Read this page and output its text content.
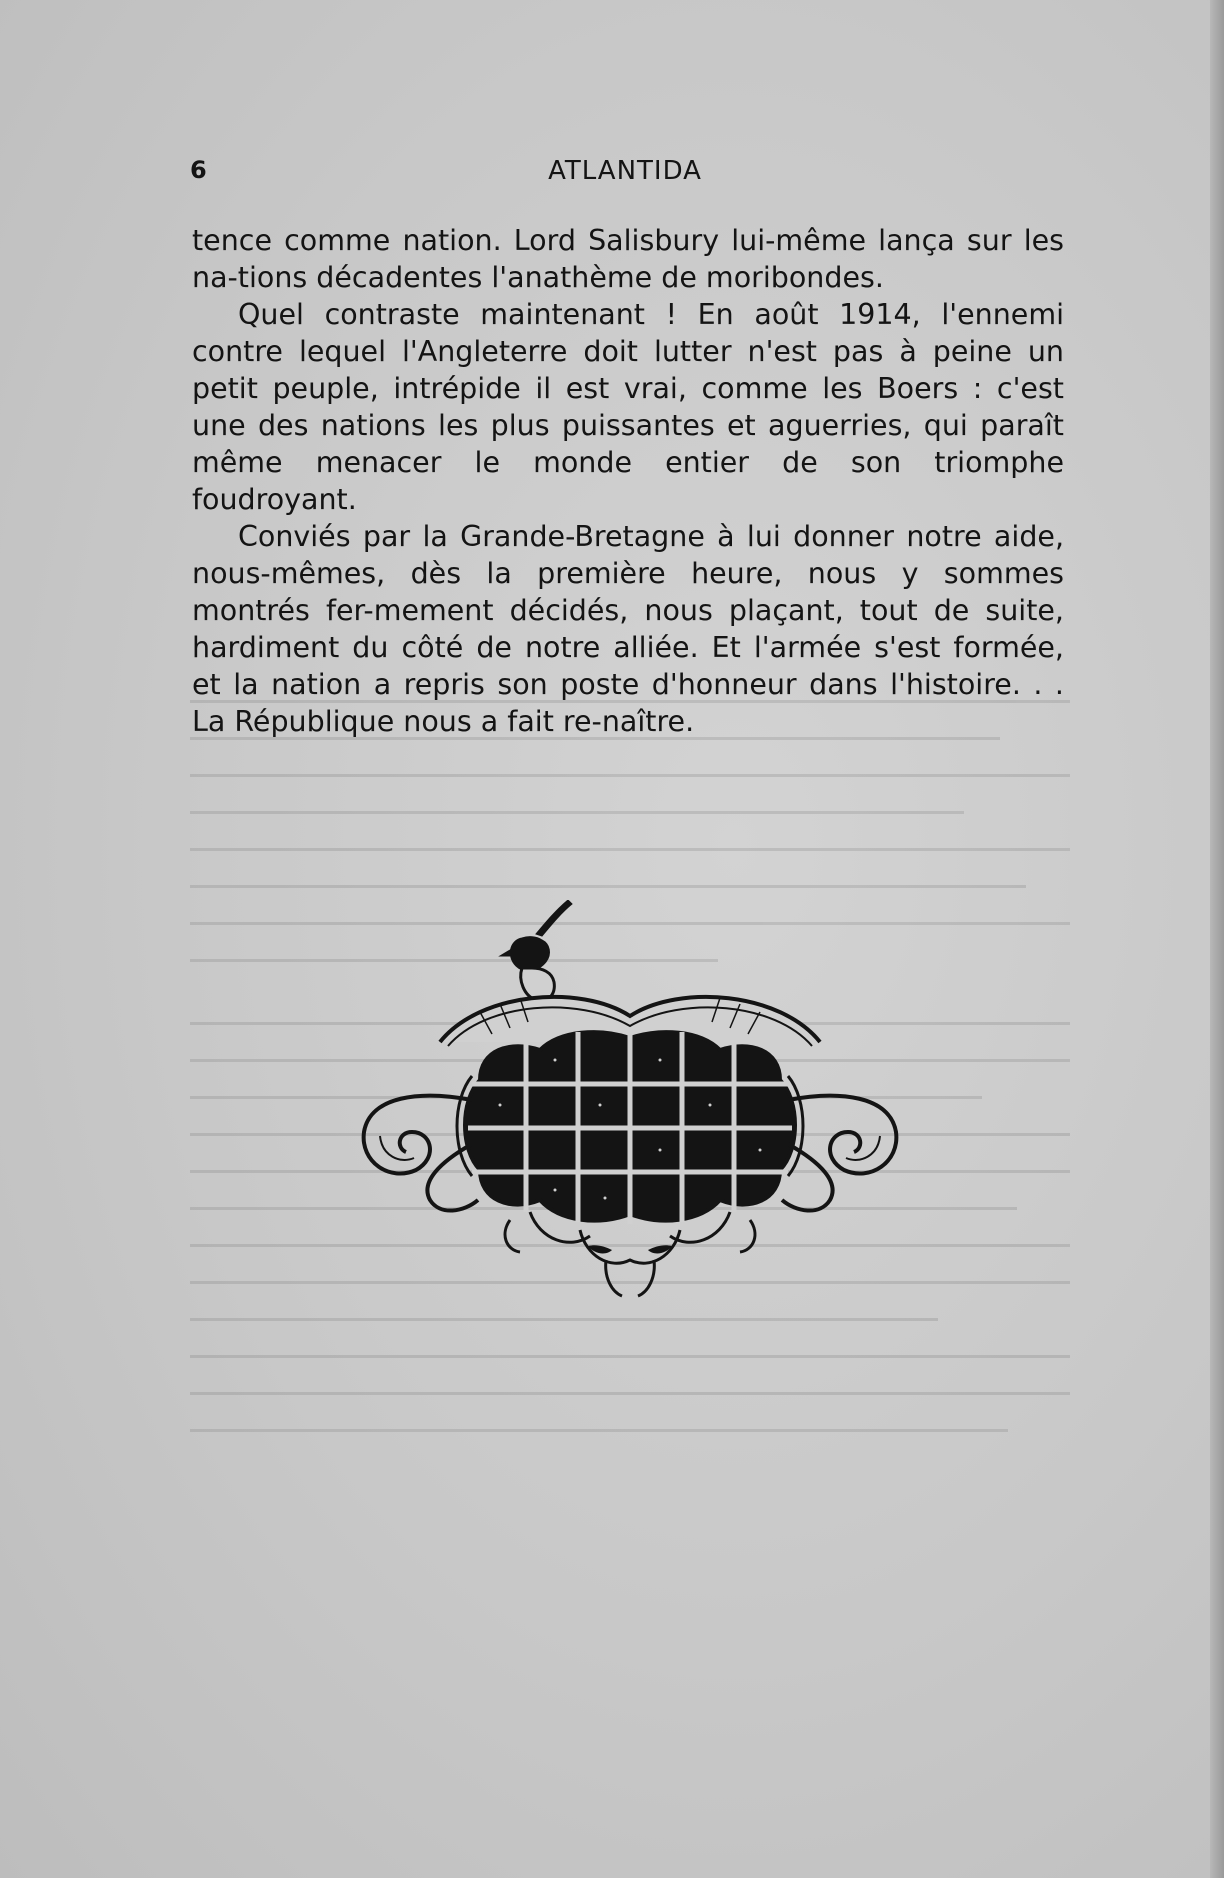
6	ATLANTIDA

tence comme nation. Lord Salisbury lui-même lança sur les na-tions décadentes l'anathème de moribondes.

Quel contraste maintenant ! En août 1914, l'ennemi contre lequel l'Angleterre doit lutter n'est pas à peine un petit peuple, intrépide il est vrai, comme les Boers : c'est une des nations les plus puissantes et aguerries, qui paraît même menacer le monde entier de son triomphe foudroyant.

Conviés par la Grande-Bretagne à lui donner notre aide, nous-mêmes, dès la première heure, nous y sommes montrés fer-mement décidés, nous plaçant, tout de suite, hardiment du côté de notre alliée. Et l'armée s'est formée, et la nation a repris son poste d'honneur dans l'histoire. . . La République nous a fait re-naître.
